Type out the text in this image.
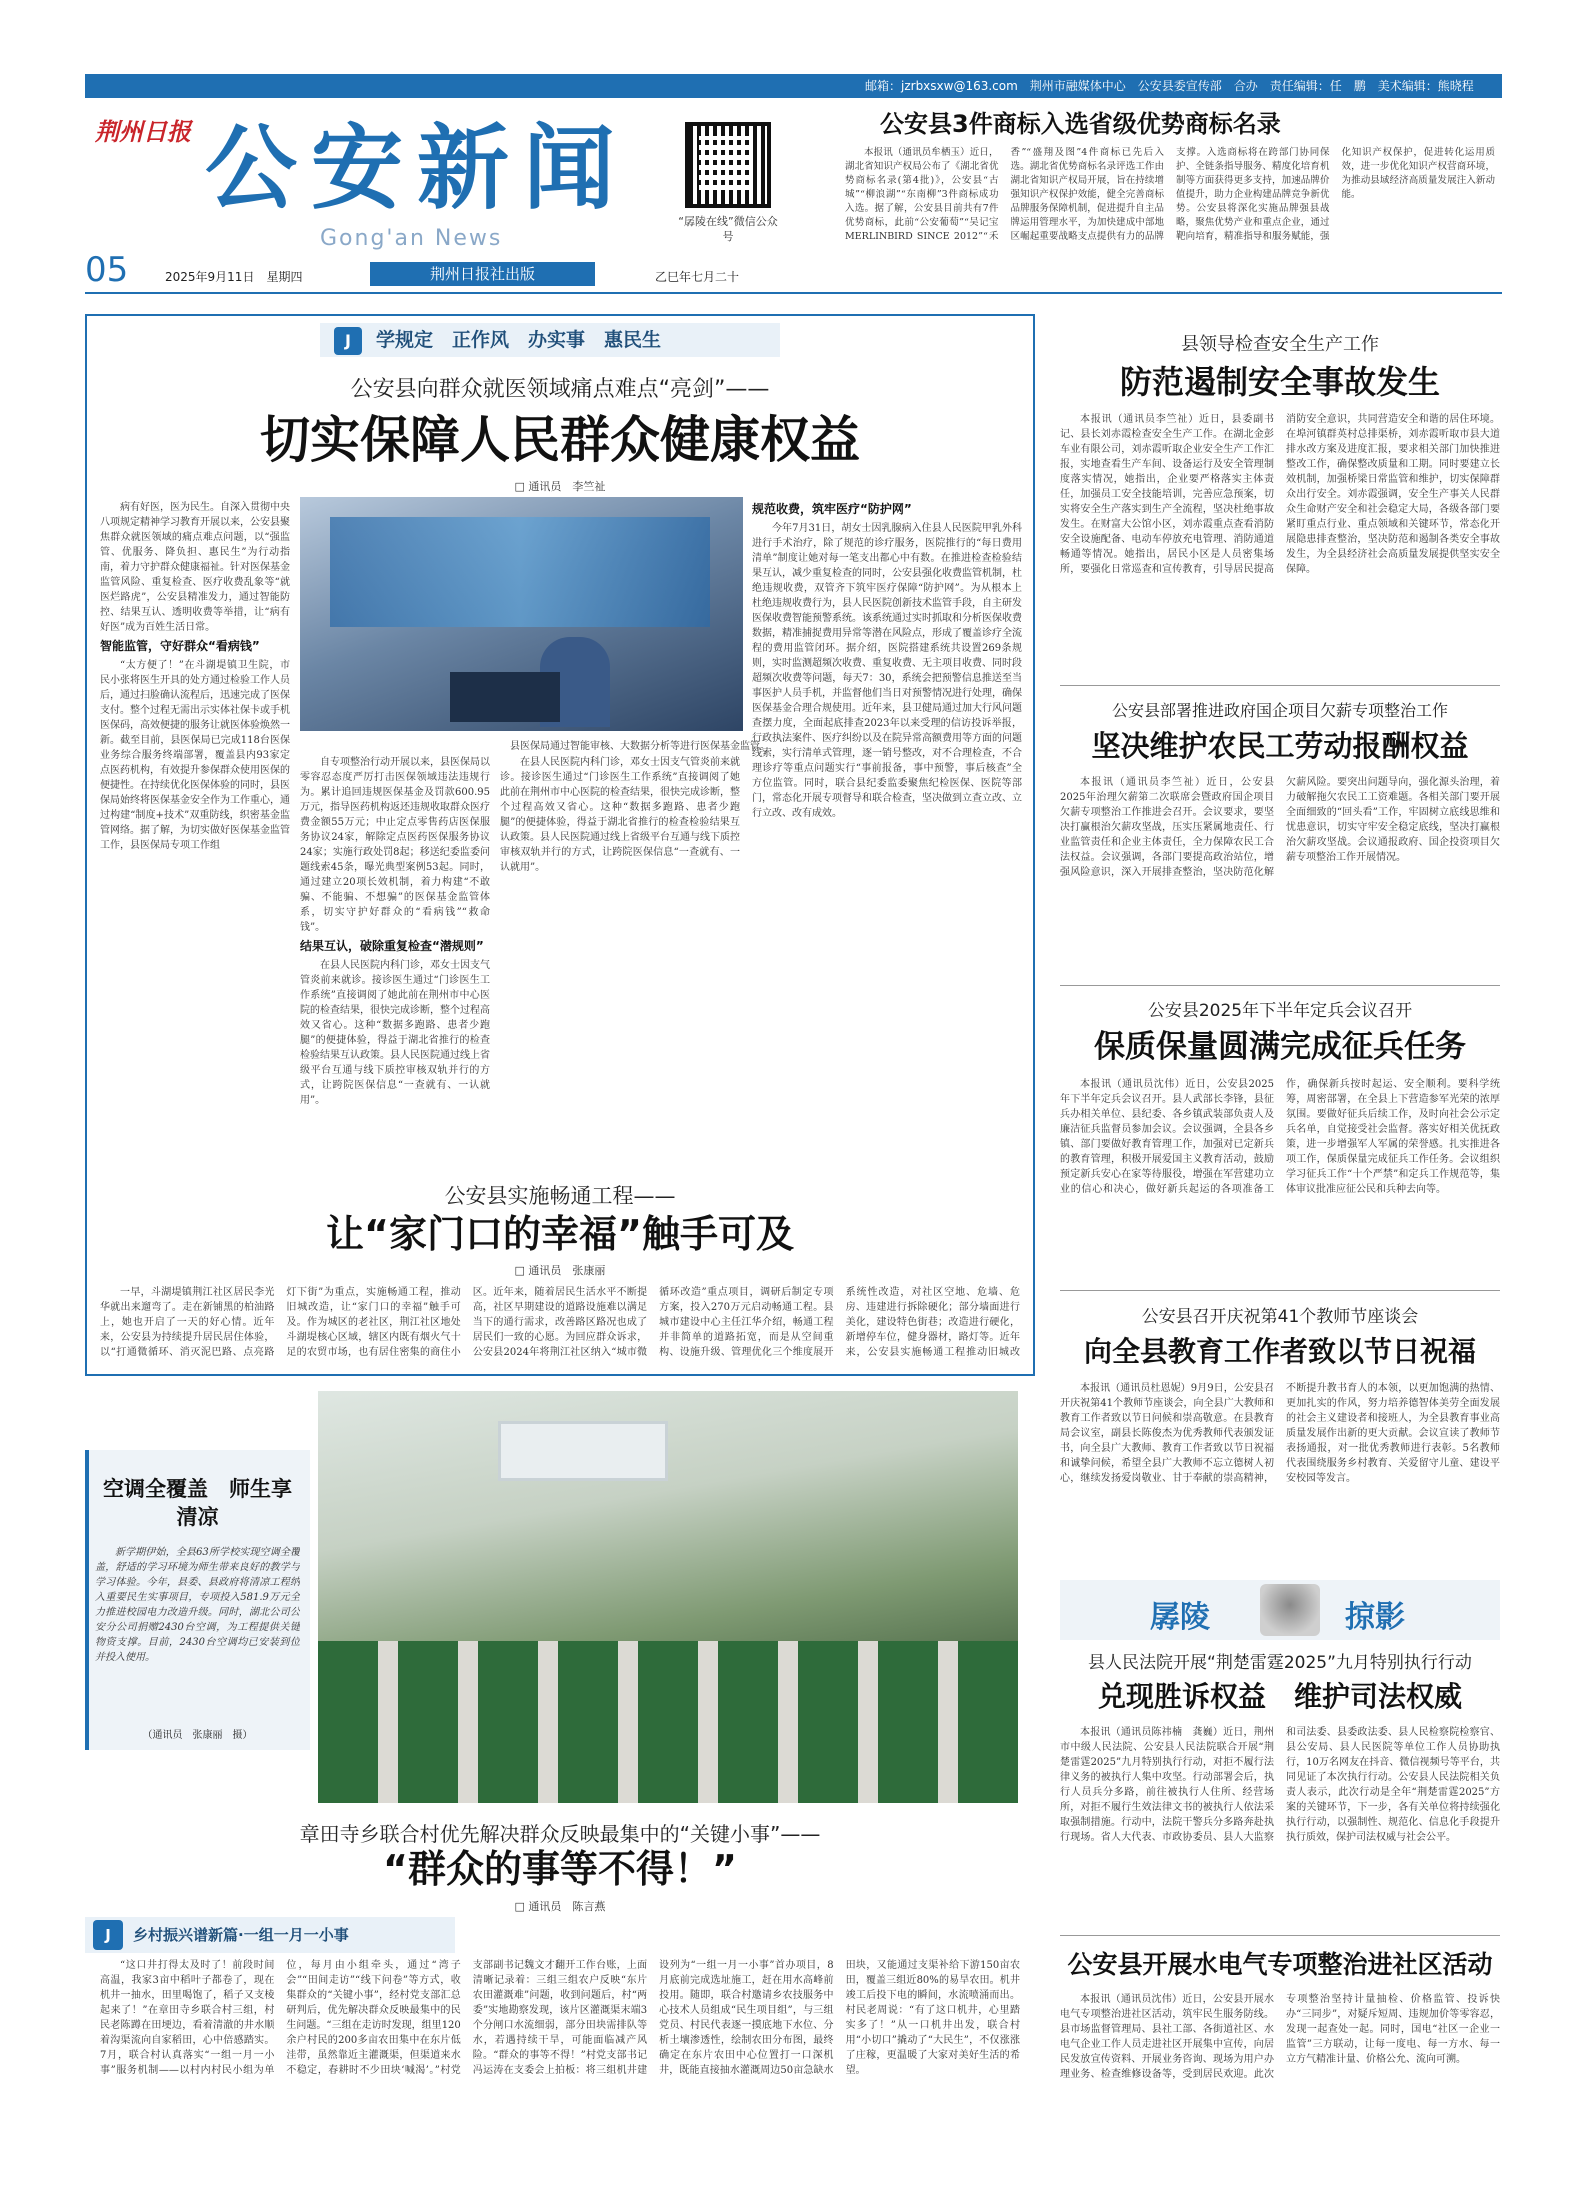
邮箱：jzrbxsxw@163.com　荆州市融媒体中心　公安县委宣传部　合办　责任编辑：任　鹏　美术编辑：熊晓程
荆州日报 公安新闻
Gong'an News
“孱陵在线”微信公众号
05	2025年9月11日　星期四	荆州日报社出版	乙巳年七月二十
公安县3件商标入选省级优势商标名录

本报讯（通讯员牟栖玉）近日，湖北省知识产权局公布了《湖北省优势商标名录(第4批)》，公安县“古城”“柳浪湖”“东南柳”3件商标成功入选。据了解，公安县目前共有7件优势商标，此前“公安葡萄”“吴记宝MERLINBIRD SINCE 2012”“禾香”“盛翔及图”4件商标已先后入选。湖北省优势商标名录评选工作由湖北省知识产权局开展，旨在持续增强知识产权保护效能，健全完善商标品牌服务保障机制，促进提升自主品牌运用管理水平，为加快建成中部地区崛起重要战略支点提供有力的品牌支撑。入选商标将在跨部门协同保护、全链条指导服务、精度化培育机制等方面获得更多支持，加速品牌价值提升，助力企业构建品牌竞争新优势。公安县将深化实施品牌强县战略，聚焦优势产业和重点企业，通过靶向培育，精准指导和服务赋能，强化知识产权保护，促进转化运用质效，进一步优化知识产权营商环境，为推动县域经济高质量发展注入新动能。

J 学规定　正作风　办实事　惠民生
公安县向群众就医领域痛点难点“亮剑”——
切实保障人民群众健康权益
□ 通讯员　李竺祉
县医保局通过智能审核、大数据分析等进行医保基金监管。

病有好医，医为民生。自深入贯彻中央八项规定精神学习教育开展以来，公安县聚焦群众就医领域的痛点难点问题，以“强监管、优服务、降负担、惠民生”为行动指南，着力守护群众健康福祉。针对医保基金监管风险、重复检查、医疗收费乱象等“就医烂路虎”，公安县精准发力，通过智能防控、结果互认、透明收费等举措，让“病有好医”成为百姓生活日常。

智能监管，守好群众“看病钱”

“太方便了！”在斗湖堤镇卫生院，市民小张将医生开具的处方通过检验工作人员后，通过扫脸确认流程后，迅速完成了医保支付。整个过程无需出示实体社保卡或手机医保码，高效便捷的服务让就医体验焕然一新。截至目前，县医保局已完成118台医保业务综合服务终端部署，覆盖县内93家定点医药机构，有效提升参保群众使用医保的便捷性。在持续优化医保体验的同时，县医保局始终将医保基金安全作为工作重心，通过构建“制度+技术”双重防线，织密基金监管网络。据了解，为切实做好医保基金监管工作，县医保局专项工作组

自专项整治行动开展以来，县医保局以零容忍态度严厉打击医保领域违法违规行为。累计追回违规医保基金及罚款600.95万元，指导医药机构返还违规收取群众医疗费金额55万元；中止定点零售药店医保服务协议24家，解除定点医药医保服务协议24家；实施行政处罚8起；移送纪委监委问题线索45条，曝光典型案例53起。同时，通过建立20项长效机制，着力构建“不敢骗、不能骗、不想骗”的医保基金监管体系，切实守护好群众的“看病钱”“救命钱”。

结果互认，破除重复检查“潜规则”

在县人民医院内科门诊，邓女士因支气管炎前来就诊。接诊医生通过“门诊医生工作系统”直接调阅了她此前在荆州市中心医院的检查结果，很快完成诊断，整个过程高效又省心。这种“数据多跑路、患者少跑腿”的便捷体验，得益于湖北省推行的检查检验结果互认政策。县人民医院通过线上省级平台互通与线下质控审核双轨并行的方式，让跨院医保信息“一查就有、一认就用”。

在县人民医院内科门诊，邓女士因支气管炎前来就诊。接诊医生通过“门诊医生工作系统”直接调阅了她此前在荆州市中心医院的检查结果，很快完成诊断，整个过程高效又省心。这种“数据多跑路、患者少跑腿”的便捷体验，得益于湖北省推行的检查检验结果互认政策。县人民医院通过线上省级平台互通与线下质控审核双轨并行的方式，让跨院医保信息“一查就有、一认就用”。

规范收费，筑牢医疗“防护网”

今年7月31日，胡女士因乳腺病入住县人民医院甲乳外科进行手术治疗，除了规范的诊疗服务，医院推行的“每日费用清单”制度让她对每一笔支出都心中有数。在推进检查检验结果互认，减少重复检查的同时，公安县强化收费监管机制，杜绝违规收费，双管齐下筑牢医疗保障“防护网”。为从根本上杜绝违规收费行为，县人民医院创新技术监管手段，自主研发医保收费智能预警系统。该系统通过实时抓取和分析医保收费数据，精准捕捉费用异常等潜在风险点，形成了覆盖诊疗全流程的费用监管闭环。据介绍，医院搭建系统共设置269条规则，实时监测超频次收费、重复收费、无主项目收费、同时段超频次收费等问题，每天7：30，系统会把预警信息推送至当事医护人员手机，并监督他们当日对预警情况进行处理，确保医保基金合理合规使用。近年来，县卫健局通过加大行风问题查摆力度，全面起底排查2023年以来受理的信访投诉举报，行政执法案件、医疗纠纷以及在院异常高额费用等方面的问题线索，实行清单式管理，逐一销号整改，对不合理检查，不合理诊疗等重点问题实行“事前报备，事中预警，事后核查”全方位监管。同时，联合县纪委监委聚焦纪检医保、医院等部门，常态化开展专项督导和联合检查，坚决做到立查立改、立行立改、改有成效。

公安县实施畅通工程——
让“家门口的幸福”触手可及
□ 通讯员　张康丽

一早，斗湖堤镇荆江社区居民李光华就出来遛弯了。走在新铺黑的柏油路上，她也开启了一天的好心情。近年来，公安县为持续提升居民居住体验，以“打通微循环、消灭泥巴路、点亮路灯下街”为重点，实施畅通工程，推动旧城改造，让“家门口的幸福”触手可及。作为城区的老社区，荆江社区地处斗湖堤核心区域，辖区内既有烟火气十足的农贸市场，也有居住密集的商住小区。近年来，随着居民生活水平不断提高，社区早期建设的道路设施难以满足当下的通行需求，改善路区路况也成了居民们一致的心愿。为回应群众诉求，公安县2024年将荆江社区纳入“城市微循环改造”重点项目，调研后制定专项方案，投入270万元启动畅通工程。县城市建设中心主任江华介绍，畅通工程并非简单的道路拓宽，而是从空间重构、设施升级、管理优化三个维度展开系统性改造，对社区空地、危墙、危房、违建进行拆除硬化；部分墙面进行美化，建设特色街巷；改造进行硬化，新增停车位，健身器材，路灯等。近年来，公安县实施畅通工程推动旧城改

空调全覆盖　师生享清凉

新学期伊始，全县63所学校实现空调全覆盖，舒适的学习环境为师生带来良好的教学与学习体验。今年，县委、县政府将清凉工程纳入重要民生实事项目，专项投入581.9万元全力推进校园电力改造升级。同时，湖北公司公安分公司捐赠2430台空调，为工程提供关键物资支撑。目前，2430台空调均已安装到位并投入使用。

（通讯员　张康丽　摄）
章田寺乡联合村优先解决群众反映最集中的“关键小事”——
“群众的事等不得！”
□ 通讯员　陈言燕
J 乡村振兴谱新篇·一组一月一小事

“这口井打得太及时了！前段时间高温，我家3亩中稻叶子都卷了，现在机井一抽水，田里喝饱了，稻子又支棱起来了！”在章田寺乡联合村三组，村民老陈蹲在田埂边，看着清澈的井水顺着沟渠流向自家稻田，心中倍感踏实。7月，联合村认真落实“一组一月一小事”服务机制——以村内村民小组为单位，每月由小组牵头，通过“湾子会”“田间走访”“线下问卷”等方式，收集群众的“关键小事”，经村党支部汇总研判后，优先解决群众反映最集中的民生问题。“三组在走访时发现，组里120余户村民的200多亩农田集中在东片低洼带，虽然靠近主灌溉渠，但渠道来水不稳定，春耕时不少田块‘喊渴’。”村党支部副书记魏文才翻开工作台账，上面清晰记录着：三组三组农户反映“东片农田灌溉难”问题，收到问题后，村“两委”实地勘察发现，该片区灌溉渠末端3个分闸口水流细弱，部分田块需排队等水，若遇持续干旱，可能面临减产风险。“群众的事等不得！”村党支部书记冯运涛在支委会上拍板：将三组机井建设列为“一组一月一小事”首办项目，8月底前完成选址施工，赶在用水高峰前投用。随即，联合村邀请乡农技服务中心技术人员组成“民生项目组”，与三组党员、村民代表逐一摸底地下水位、分析土壤渗透性，绘制农田分布图，最终确定在东片农田中心位置打一口深机井，既能直接抽水灌溉周边50亩急缺水田块，又能通过支渠补给下游150亩农田，覆盖三组近80%的易旱农田。机井竣工后投下电的瞬间，水流喷涌而出。村民老周说：“有了这口机井，心里踏实多了！”从一口机井出发，联合村用“小切口”撬动了“大民生”，不仅涨涨了庄稼，更温暖了大家对美好生活的希望。

县领导检查安全生产工作
防范遏制安全事故发生

本报讯（通讯员李竺祉）近日，县委副书记、县长刘赤霞检查安全生产工作。在湖北金彭车业有限公司，刘赤霞听取企业安全生产工作汇报，实地查看生产车间、设备运行及安全管理制度落实情况，她指出，企业要严格落实主体责任，加强员工安全技能培训，完善应急预案，切实将安全生产落实到生产全流程，坚决杜绝事故发生。在财富大公馆小区，刘赤霞重点查看消防安全设施配备、电动车停放充电管理、消防通道畅通等情况。她指出，居民小区是人员密集场所，要强化日常巡查和宣传教育，引导居民提高消防安全意识，共同营造安全和谐的居住环境。在埠河镇群英村总排渠桥，刘赤霞听取市县大道排水改方案及进度汇报，要求相关部门加快推进整改工作，确保整改质量和工期。同时要建立长效机制，加强桥梁日常监管和维护，切实保障群众出行安全。刘赤霞强调，安全生产事关人民群众生命财产安全和社会稳定大局，各级各部门要紧盯重点行业、重点领域和关键环节，常态化开展隐患排查整治，坚决防范和遏制各类安全事故发生，为全县经济社会高质量发展提供坚实安全保障。

公安县部署推进政府国企项目欠薪专项整治工作
坚决维护农民工劳动报酬权益

本报讯（通讯员李竺祉）近日，公安县2025年治理欠薪第二次联席会暨政府国企项目欠薪专项整治工作推进会召开。会议要求，要坚决打赢根治欠薪攻坚战，压实压紧属地责任、行业监管责任和企业主体责任，全力保障农民工合法权益。会议强调，各部门要提高政治站位，增强风险意识，深入开展排查整治，坚决防范化解欠薪风险。要突出问题导向，强化源头治理，着力破解拖欠农民工工资难题。各相关部门要开展全面细致的“回头看”工作，牢固树立底线思维和忧患意识，切实守牢安全稳定底线，坚决打赢根治欠薪攻坚战。会议通报政府、国企投资项目欠薪专项整治工作开展情况。

公安县2025年下半年定兵会议召开
保质保量圆满完成征兵任务

本报讯（通讯员沈伟）近日，公安县2025年下半年定兵会议召开。县人武部长李锋，县征兵办相关单位、县纪委、各乡镇武装部负责人及廉洁征兵监督员参加会议。会议强调，全县各乡镇、部门要做好教育管理工作，加强对已定新兵的教育管理，积极开展爱国主义教育活动，鼓励预定新兵安心在家等待服役，增强在军营建功立业的信心和决心，做好新兵起运的各项准备工作，确保新兵按时起运、安全顺利。要科学统筹，周密部署，在全县上下营造参军光荣的浓厚氛围。要做好征兵后续工作，及时向社会公示定兵名单，自觉接受社会监督。落实好相关优抚政策，进一步增强军人军属的荣誉感。扎实推进各项工作，保质保量完成征兵工作任务。会议组织学习征兵工作“十个严禁”和定兵工作规范等，集体审议批准应征公民和兵种去向等。

公安县召开庆祝第41个教师节座谈会
向全县教育工作者致以节日祝福

本报讯（通讯员杜恩妮）9月9日，公安县召开庆祝第41个教师节座谈会，向全县广大教师和教育工作者致以节日问候和崇高敬意。在县教育局会议室，副县长陈俊杰为优秀教师代表颁发证书，向全县广大教师、教育工作者致以节日祝福和诚挚问候，希望全县广大教师不忘立德树人初心，继续发扬爱岗敬业、甘于奉献的崇高精神，不断提升教书育人的本领，以更加饱满的热情、更加扎实的作风，努力培养德智体美劳全面发展的社会主义建设者和接班人，为全县教育事业高质量发展作出新的更大贡献。会议宣读了教师节表扬通报，对一批优秀教师进行表彰。5名教师代表围绕服务乡村教育、关爱留守儿童、建设平安校园等发言。

孱陵	掠影
县人民法院开展“荆楚雷霆2025”九月特别执行行动
兑现胜诉权益　维护司法权威

本报讯（通讯员陈祎楠　龚巍）近日，荆州市中级人民法院、公安县人民法院联合开展“荆楚雷霆2025”九月特别执行行动，对拒不履行法律义务的被执行人集中攻坚。行动部署会后，执行人员兵分多路，前往被执行人住所、经营场所，对拒不履行生效法律文书的被执行人依法采取强制措施。行动中，法院干警兵分多路奔赴执行现场。省人大代表、市政协委员、县人大监察和司法委、县委政法委、县人民检察院检察官、县公安局、县人民医院等单位工作人员协助执行，10万名网友在抖音、微信视频号等平台，共同见证了本次执行行动。公安县人民法院相关负责人表示，此次行动是全年“荆楚雷霆2025”方案的关键环节，下一步，各有关单位将持续强化执行行动，以强制性、规范化、信息化手段提升执行质效，保护司法权威与社会公平。

公安县开展水电气专项整治进社区活动

本报讯（通讯员沈伟）近日，公安县开展水电气专项整治进社区活动，筑牢民生服务防线。县市场监督管理局、县社工部、各街道社区、水电气企业工作人员走进社区开展集中宣传，向居民发放宣传资料、开展业务咨询、现场为用户办理业务、检查维修设备等，受到居民欢迎。此次专项整治坚持计量抽检、价格监管、投诉快办“三同步”，对疑斥短周、违规加价等零容忍，发现一起查处一起。同时，国电“社区一企业一监管”三方联动，让每一度电、每一方水、每一立方气精准计量、价格公允、流向可溯。
